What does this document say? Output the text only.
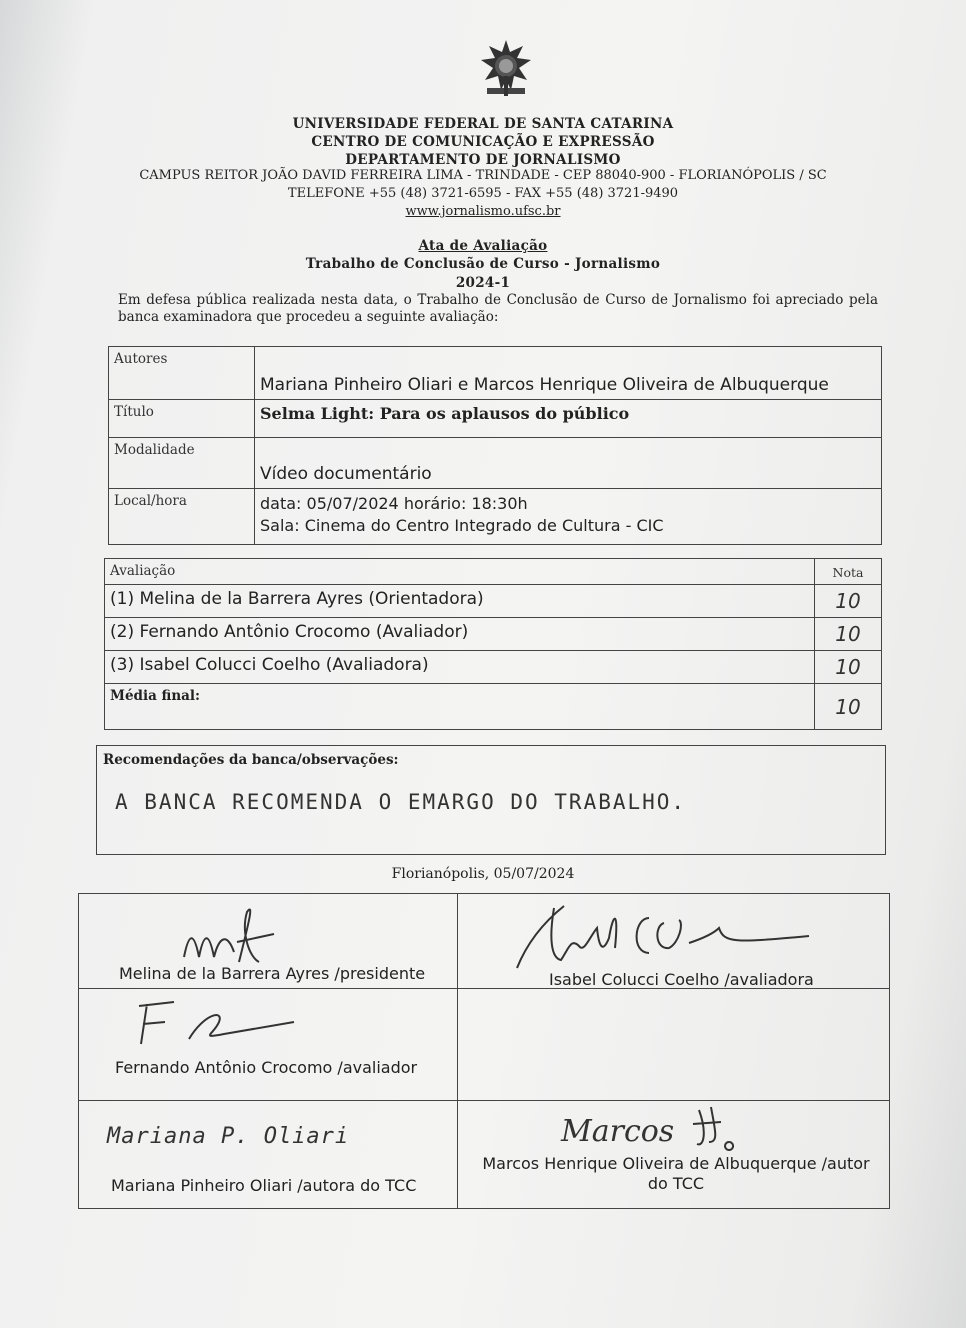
UNIVERSIDADE FEDERAL DE SANTA CATARINA
CENTRO DE COMUNICAÇÃO E EXPRESSÃO
DEPARTAMENTO DE JORNALISMO
CAMPUS REITOR JOÃO DAVID FERREIRA LIMA - TRINDADE - CEP 88040-900 - FLORIANÓPOLIS / SC
TELEFONE +55 (48) 3721-6595 - FAX +55 (48) 3721-9490
www.jornalismo.ufsc.br
Ata de Avaliação
Trabalho de Conclusão de Curso - Jornalismo
2024-1
Em defesa pública realizada nesta data, o Trabalho de Conclusão de Curso de Jornalismo foi apreciado pela banca examinadora que procedeu a seguinte avaliação:
Autores	Mariana Pinheiro Oliari e Marcos Henrique Oliveira de Albuquerque
Título	Selma Light: Para os aplausos do público
Modalidade	Vídeo documentário
Local/hora	data: 05/07/2024 horário: 18:30h
Sala: Cinema do Centro Integrado de Cultura - CIC
Avaliação	Nota
(1) Melina de la Barrera Ayres (Orientadora)	10
(2) Fernando Antônio Crocomo (Avaliador)	10
(3) Isabel Colucci Coelho (Avaliadora)	10
Média final:	10
Recomendações da banca/observações:
A BANCA RECOMENDA O EMARGO DO TRABALHO.
Florianópolis, 05/07/2024
Melina de la Barrera Ayres /presidente	Isabel Colucci Coelho /avaliadora
Fernando Antônio Crocomo /avaliador
Mariana P. Oliari
Mariana Pinheiro Oliari /autora do TCC
Marcos
Marcos Henrique Oliveira de Albuquerque /autor do TCC
